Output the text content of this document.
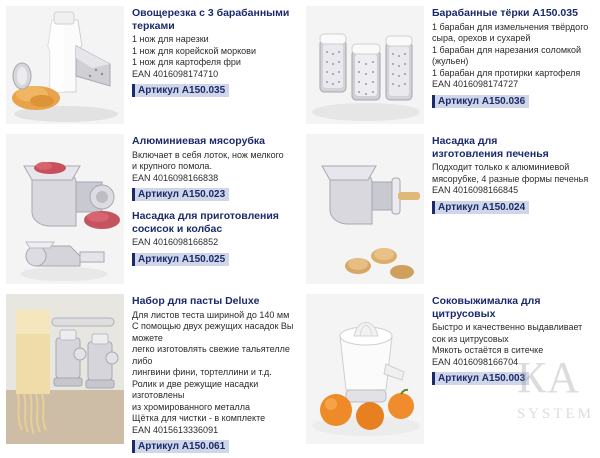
Овощерезка с 3 барабанными
терками
1 нож для нарезки
1 нож для корейской моркови
1 нож для картофеля фри
EAN 4016098174710
Артикул A150.035
Барабанные тёрки A150.035
1 барабан для измельчения твёрдого
сыра, орехов и сухарей
1 барабан для нарезания соломкой
(жульен)
1 барабан для протирки картофеля
EAN 4016098174727
Артикул A150.036
Алюминиевая мясорубка
Включает в себя лоток, нож мелкого
и крупного помола.
EAN 4016098166838
Артикул A150.023
Насадка для приготовления
сосисок и колбас
EAN 4016098166852
Артикул A150.025
Насадка для
изготовления печенья
Подходит только к алюминиевой
мясорубке, 4 разные формы печенья
EAN 4016098166845
Артикул A150.024
Набор для пасты Deluxe
Для листов теста шириной до 140 мм
С помощью двух режущих насадок Вы можете
легко изготовлять свежие тальятелле либо
лингвини фини, тортеллини и т.д.
Ролик и две режущие насадки изготовлены
из хромированного металла
Щётка для чистки - в комплекте
EAN 4015613336091
Артикул A150.061
Соковыжималка для
цитрусовых
Быстро и качественно выдавливает
сок из цитрусовых
Мякоть остаётся в ситечке
EAN 4016098166704
Артикул A150.003
КА
SYSTEM
